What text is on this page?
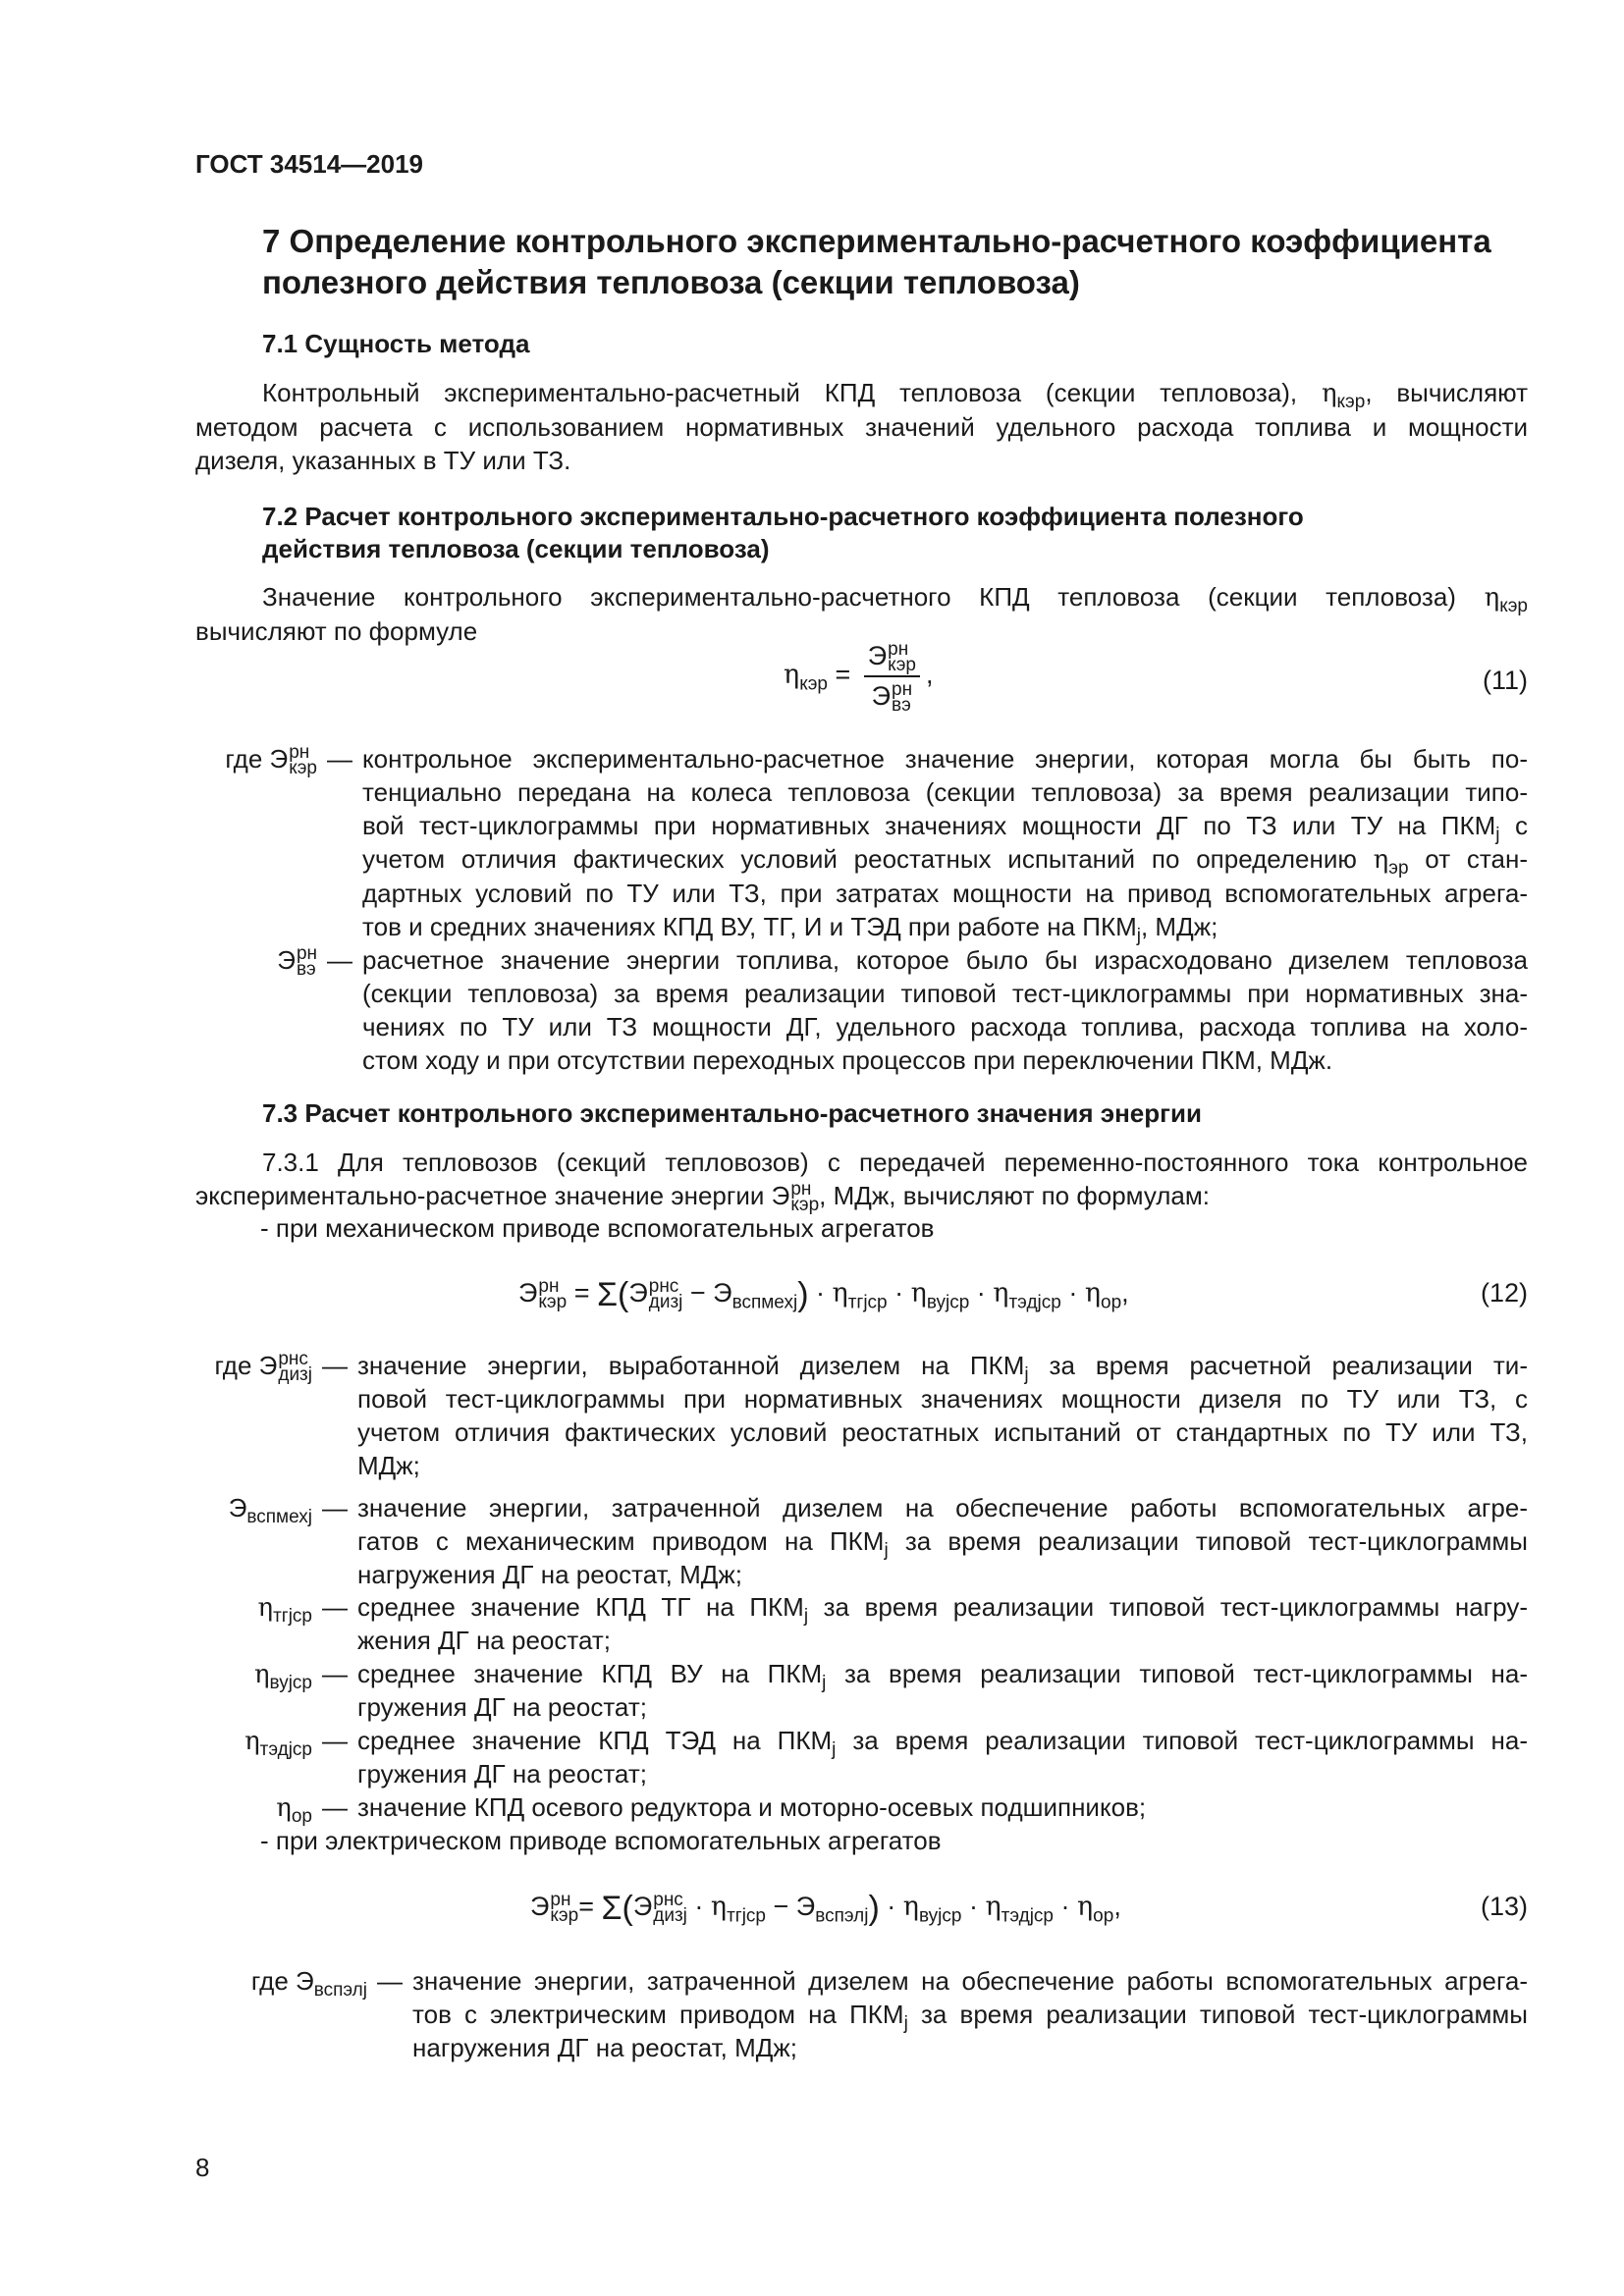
ГОСТ 34514—2019
7 Определение контрольного экспериментально-расчетного коэффициента
полезного действия тепловоза (секции тепловоза)
7.1 Сущность метода
Контрольный экспериментально-расчетный КПД тепловоза (секции тепловоза), $\eta_{кэр}$, вычисляют
методом расчета с использованием нормативных значений удельного расхода топлива и мощности
дизеля, указанных в ТУ или ТЗ.
7.2 Расчет контрольного экспериментально-расчетного коэффициента полезного
действия тепловоза (секции тепловоза)
Значение контрольного экспериментально-расчетного КПД тепловоза (секции тепловоза) $\eta_{кэр}$
вычисляют по формуле
$\eta_{кэр} = Э$ рн
кэр
Э рн
вэ ,	(11)
где Э рн
кэр — контрольное экспериментально-расчетное значение энергии, которая могла бы быть по-
тенциально передана на колеса тепловоза (секции тепловоза) за время реализации типо-
вой тест-циклограммы при нормативных значениях мощности ДГ по ТЗ или ТУ на $ПКМ_j$ с
учетом отличия фактических условий реостатных испытаний по определению $\eta_{эр}$ от стан-
дартных условий по ТУ или ТЗ, при затратах мощности на привод вспомогательных агрега-
тов и средних значениях КПД ВУ, ТГ, И и ТЭД при работе на $ПКМ_j$, МДж;
Э рн
вэ — расчетное значение энергии топлива, которое было бы израсходовано дизелем тепловоза
(секции тепловоза) за время реализации типовой тест-циклограммы при нормативных зна-
чениях по ТУ или ТЗ мощности ДГ, удельного расхода топлива, расхода топлива на холо-
стом ходу и при отсутствии переходных процессов при переключении ПКМ, МДж.
7.3 Расчет контрольного экспериментально-расчетного значения энергии
7.3.1 Для тепловозов (секций тепловозов) с передачей переменно-постоянного тока контрольное
экспериментально-расчетное значение энергии Э рн
кэр , МДж, вычисляют по формулам:
- при механическом приводе вспомогательных агрегатов
Э рн
кэр = Σ(Э рнс
дизj − $Э_{вспмехj}) \cdot \eta_{тгjср} \cdot \eta_{вуjср} \cdot \eta_{тэдjср} \cdot \eta_{ор}$,	(12)
где Э рнс
дизj — значение энергии, выработанной дизелем на $ПКМ_j$ за время расчетной реализации ти-
повой тест-циклограммы при нормативных значениях мощности дизеля по ТУ или ТЗ, с
учетом отличия фактических условий реостатных испытаний от стандартных по ТУ или ТЗ,
МДж;
$Э_{вспмехj}$ — значение энергии, затраченной дизелем на обеспечение работы вспомогательных агре-
гатов с механическим приводом на $ПКМ_j$ за время реализации типовой тест-циклограммы
нагружения ДГ на реостат, МДж;
$\eta_{тгjср}$ — среднее значение КПД ТГ на $ПКМ_j$ за время реализации типовой тест-циклограммы нагру-
жения ДГ на реостат;
$\eta_{вуjср}$ — среднее значение КПД ВУ на $ПКМ_j$ за время реализации типовой тест-циклограммы на-
гружения ДГ на реостат;
$\eta_{тэдjср}$ — среднее значение КПД ТЭД на $ПКМ_j$ за время реализации типовой тест-циклограммы на-
гружения ДГ на реостат;
$\eta_{ор}$ — значение КПД осевого редуктора и моторно-осевых подшипников;
- при электрическом приводе вспомогательных агрегатов
Э рн
кэр = Σ(Э рнс
дизj · $\eta_{тгjср} - Э_{вспэлj}) \cdot \eta_{вуjср} \cdot \eta_{тэдjср} \cdot \eta_{ор}$,	(13)
где $Э_{вспэлj}$ — значение энергии, затраченной дизелем на обеспечение работы вспомогательных агрега-
тов с электрическим приводом на $ПКМ_j$ за время реализации типовой тест-циклограммы
нагружения ДГ на реостат, МДж;
8
